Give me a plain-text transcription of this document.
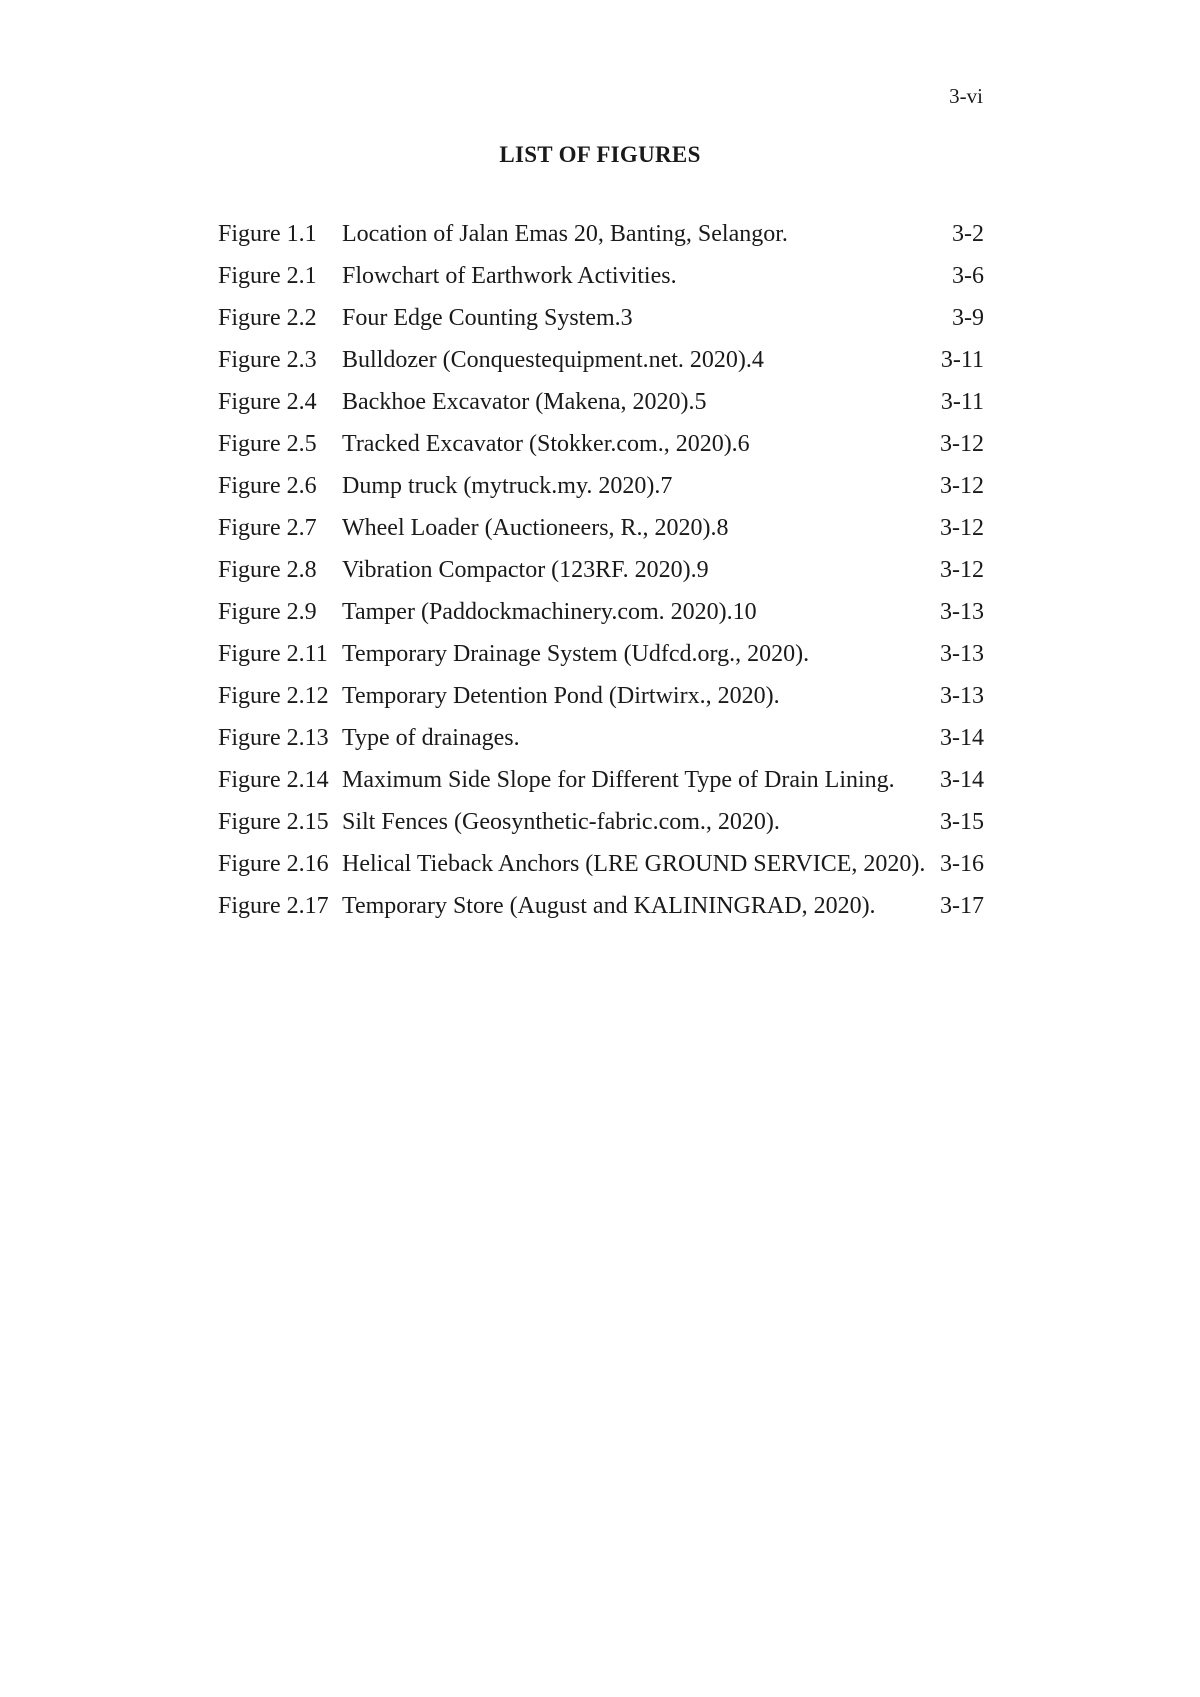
3-vi
LIST OF FIGURES
Figure 1.1	Location of Jalan Emas 20, Banting, Selangor.	3-2
Figure 2.1	Flowchart of Earthwork Activities.	3-6
Figure 2.2	Four Edge Counting System.3	3-9
Figure 2.3	Bulldozer (Conquestequipment.net. 2020).4	3-11
Figure 2.4	Backhoe Excavator (Makena, 2020).5	3-11
Figure 2.5	Tracked Excavator (Stokker.com., 2020).6	3-12
Figure 2.6	Dump truck (mytruck.my. 2020).7	3-12
Figure 2.7	Wheel Loader (Auctioneers, R., 2020).8	3-12
Figure 2.8	Vibration Compactor (123RF. 2020).9	3-12
Figure 2.9	Tamper (Paddockmachinery.com. 2020).10	3-13
Figure 2.11 Temporary Drainage System (Udfcd.org., 2020).	3-13
Figure 2.12 Temporary Detention Pond (Dirtwirx., 2020).	3-13
Figure 2.13 Type of drainages.	3-14
Figure 2.14 Maximum Side Slope for Different Type of Drain Lining.	3-14
Figure 2.15 Silt Fences (Geosynthetic-fabric.com., 2020).	3-15
Figure 2.16 Helical Tieback Anchors (LRE GROUND SERVICE, 2020). 3-16
Figure 2.17 Temporary Store (August and KALININGRAD, 2020).	3-17
